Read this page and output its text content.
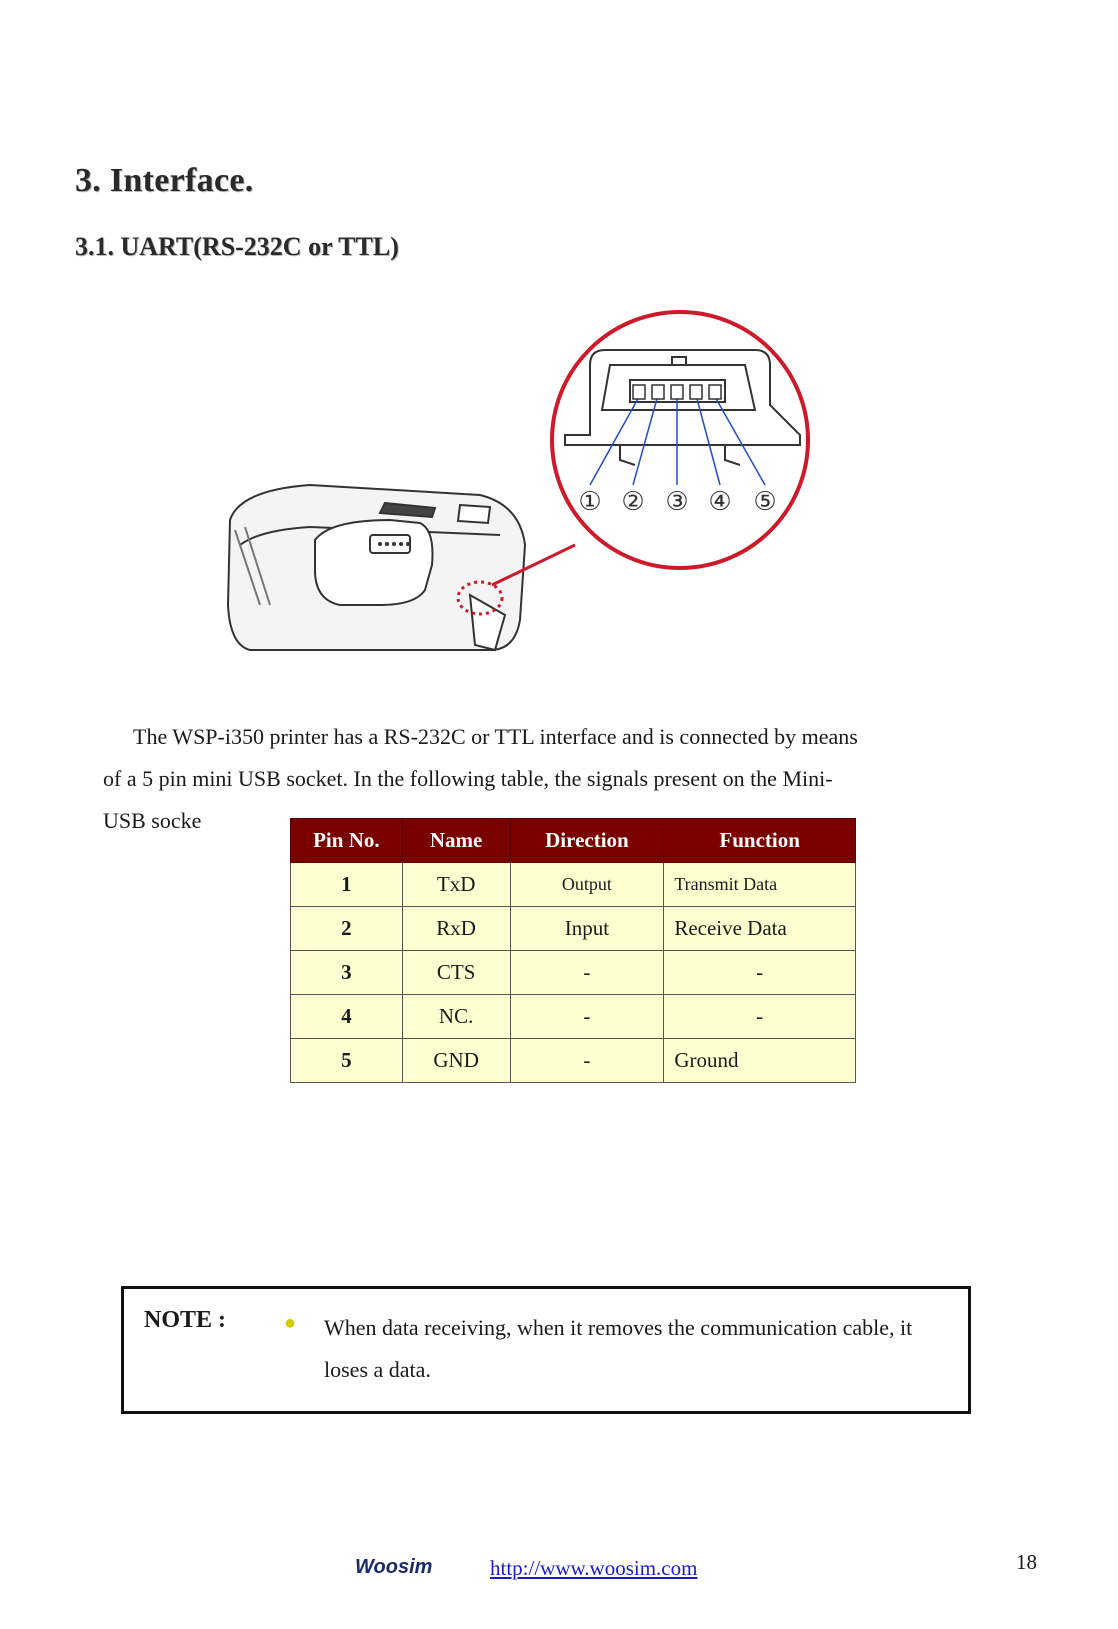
3. Interface.
3.1. UART(RS-232C or TTL)
① ② ③ ④ ⑤
The WSP-i350 printer has a RS-232C or TTL interface and is connected by means
of a 5 pin mini USB socket. In the following table, the signals present on the Mini-
USB socke
Pin No.	Name	Direction	Function
1	TxD	Output	Transmit Data
2	RxD	Input	Receive Data
3	CTS	-	-
4	NC.	-	-
5	GND	-	Ground
NOTE :	● When data receiving, when it removes the communication cable, it loses a data.
Woosim	http://www.woosim.com	18
